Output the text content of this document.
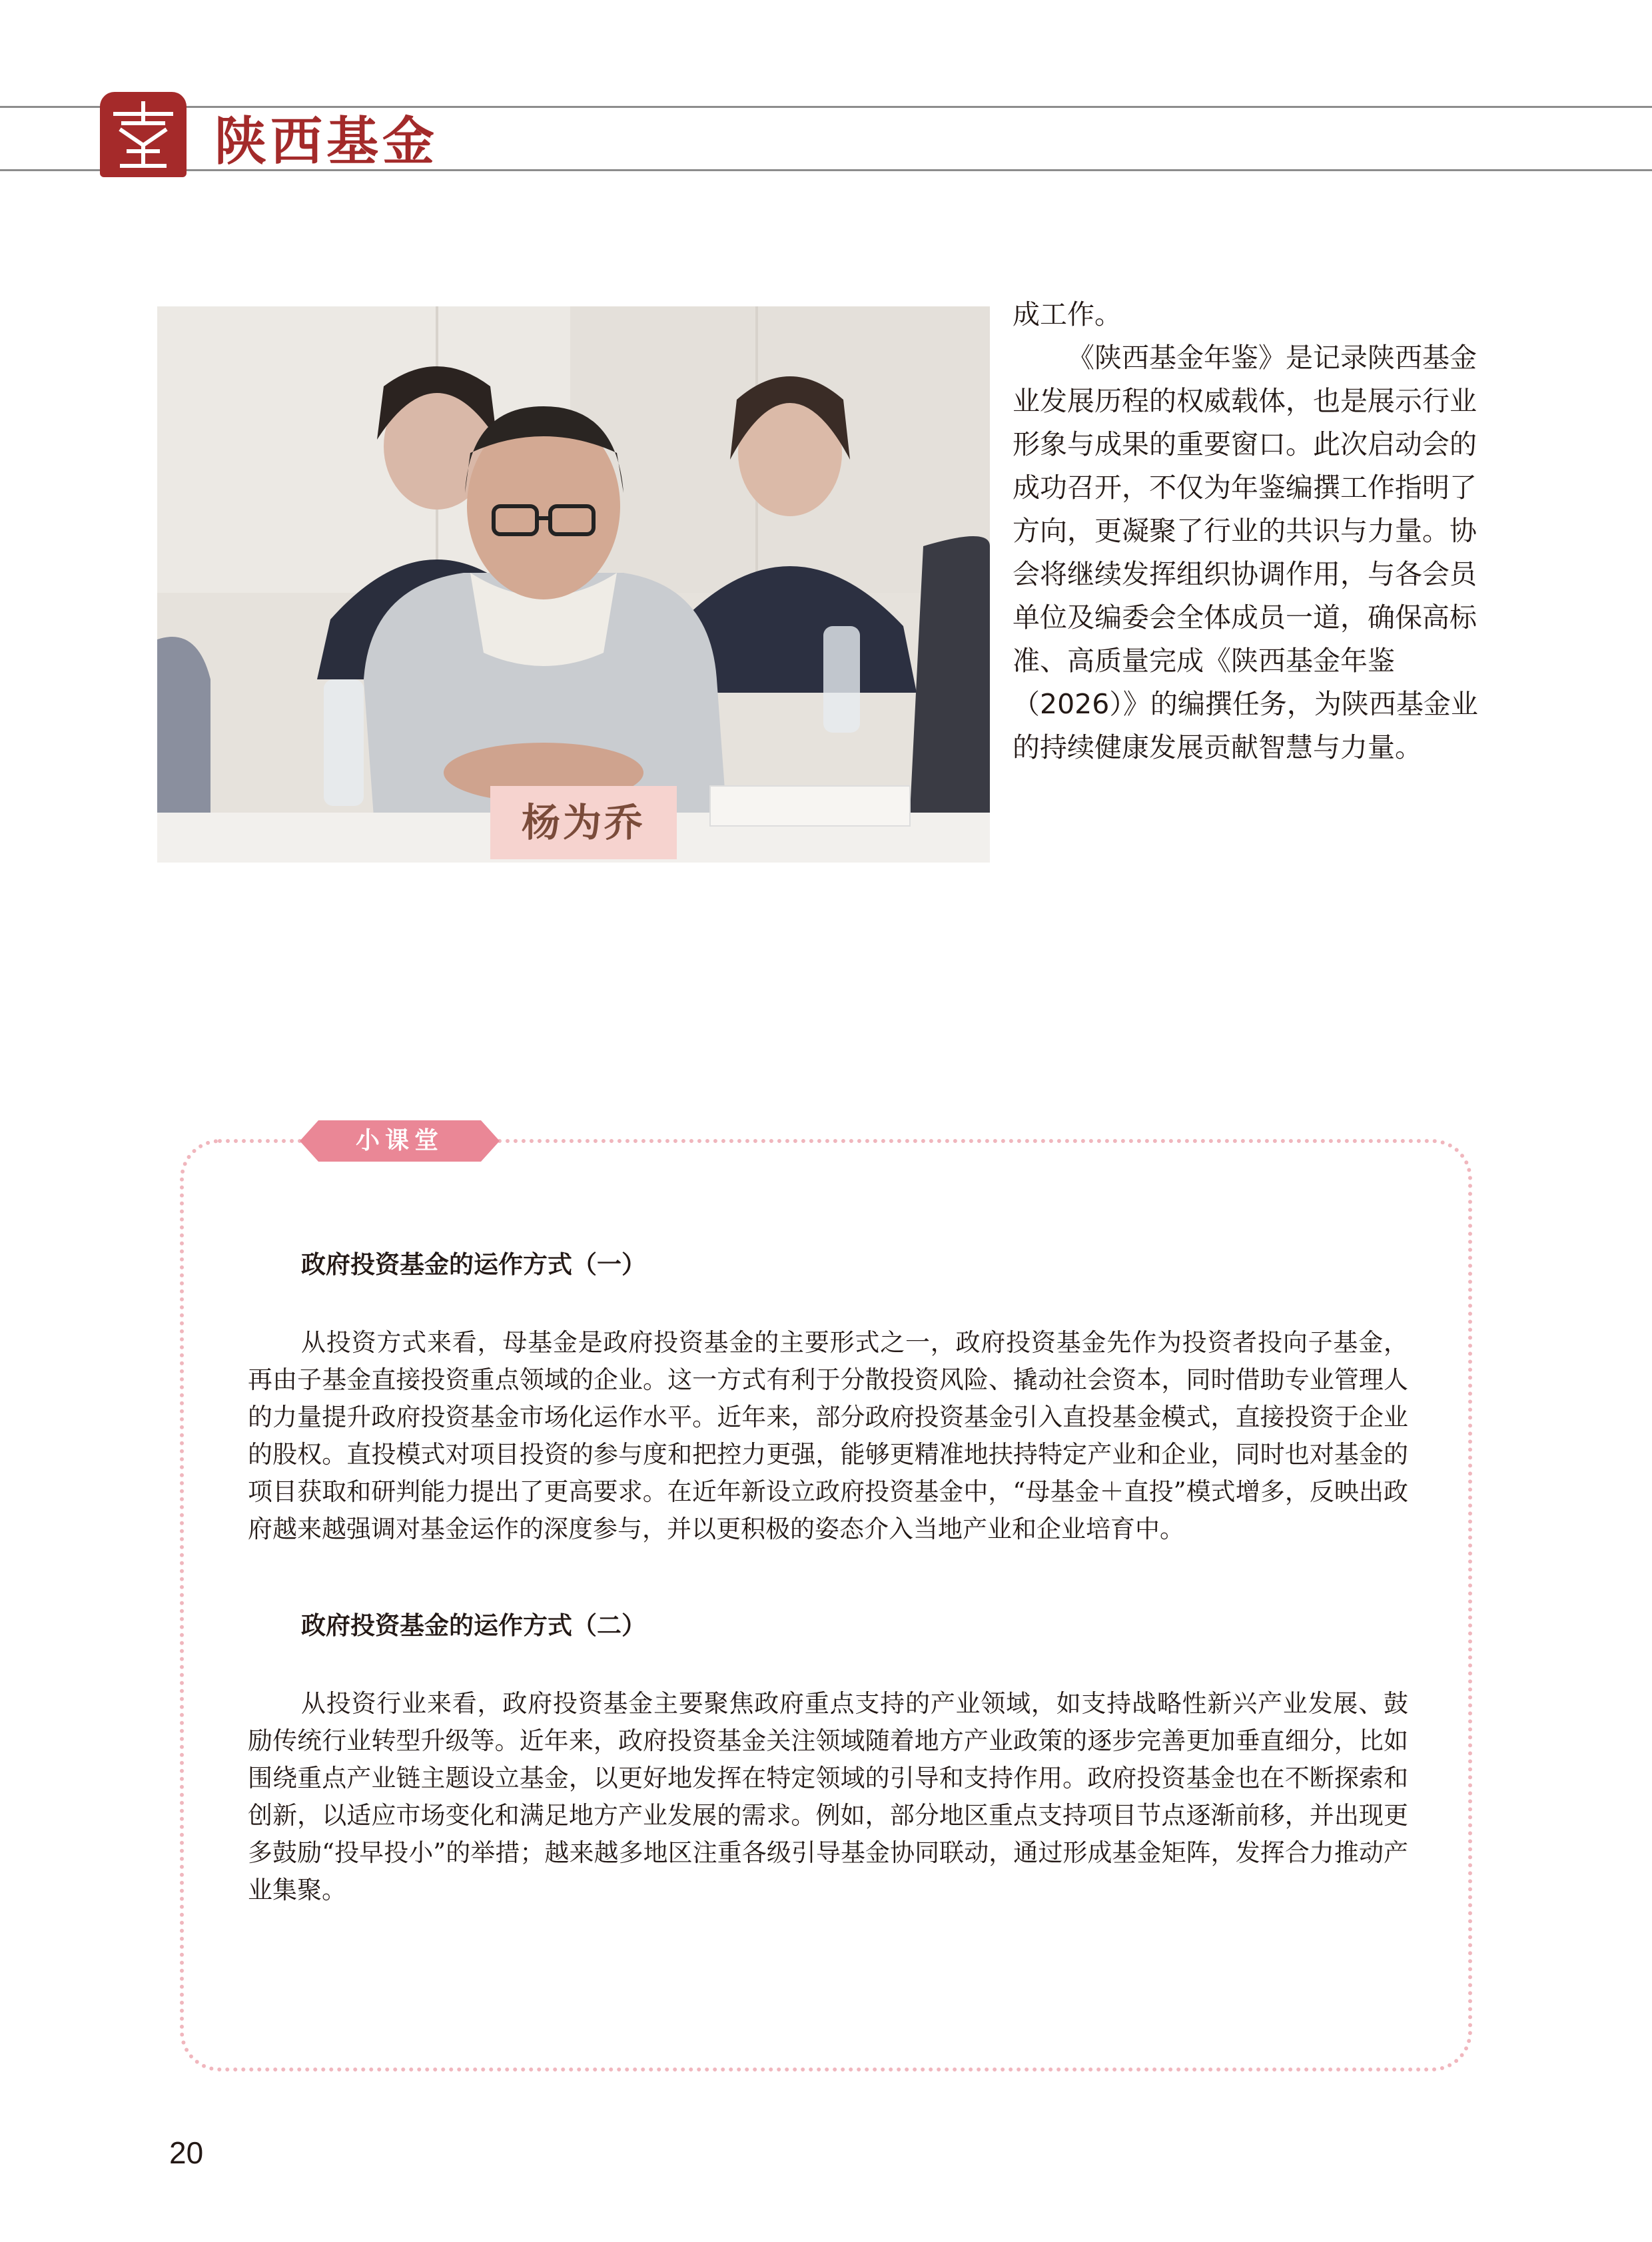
陕西基金
杨为乔

成工作。

《陕西基金年鉴》是记录陕西基金业发展历程的权威载体，也是展示行业形象与成果的重要窗口。此次启动会的成功召开，不仅为年鉴编撰工作指明了方向，更凝聚了行业的共识与力量。协会将继续发挥组织协调作用，与各会员单位及编委会全体成员一道，确保高标准、高质量完成《陕西基金年鉴（2026）》的编撰任务，为陕西基金业的持续健康发展贡献智慧与力量。

小课堂
政府投资基金的运作方式（一）

从投资方式来看，母基金是政府投资基金的主要形式之一，政府投资基金先作为投资者投向子基金，再由子基金直接投资重点领域的企业。这一方式有利于分散投资风险、撬动社会资本，同时借助专业管理人的力量提升政府投资基金市场化运作水平。近年来，部分政府投资基金引入直投基金模式，直接投资于企业的股权。直投模式对项目投资的参与度和把控力更强，能够更精准地扶持特定产业和企业，同时也对基金的项目获取和研判能力提出了更高要求。在近年新设立政府投资基金中，“母基金＋直投”模式增多，反映出政府越来越强调对基金运作的深度参与，并以更积极的姿态介入当地产业和企业培育中。

政府投资基金的运作方式（二）

从投资行业来看，政府投资基金主要聚焦政府重点支持的产业领域，如支持战略性新兴产业发展、鼓励传统行业转型升级等。近年来，政府投资基金关注领域随着地方产业政策的逐步完善更加垂直细分，比如围绕重点产业链主题设立基金，以更好地发挥在特定领域的引导和支持作用。政府投资基金也在不断探索和创新，以适应市场变化和满足地方产业发展的需求。例如，部分地区重点支持项目节点逐渐前移，并出现更多鼓励“投早投小”的举措；越来越多地区注重各级引导基金协同联动，通过形成基金矩阵，发挥合力推动产业集聚。

20
